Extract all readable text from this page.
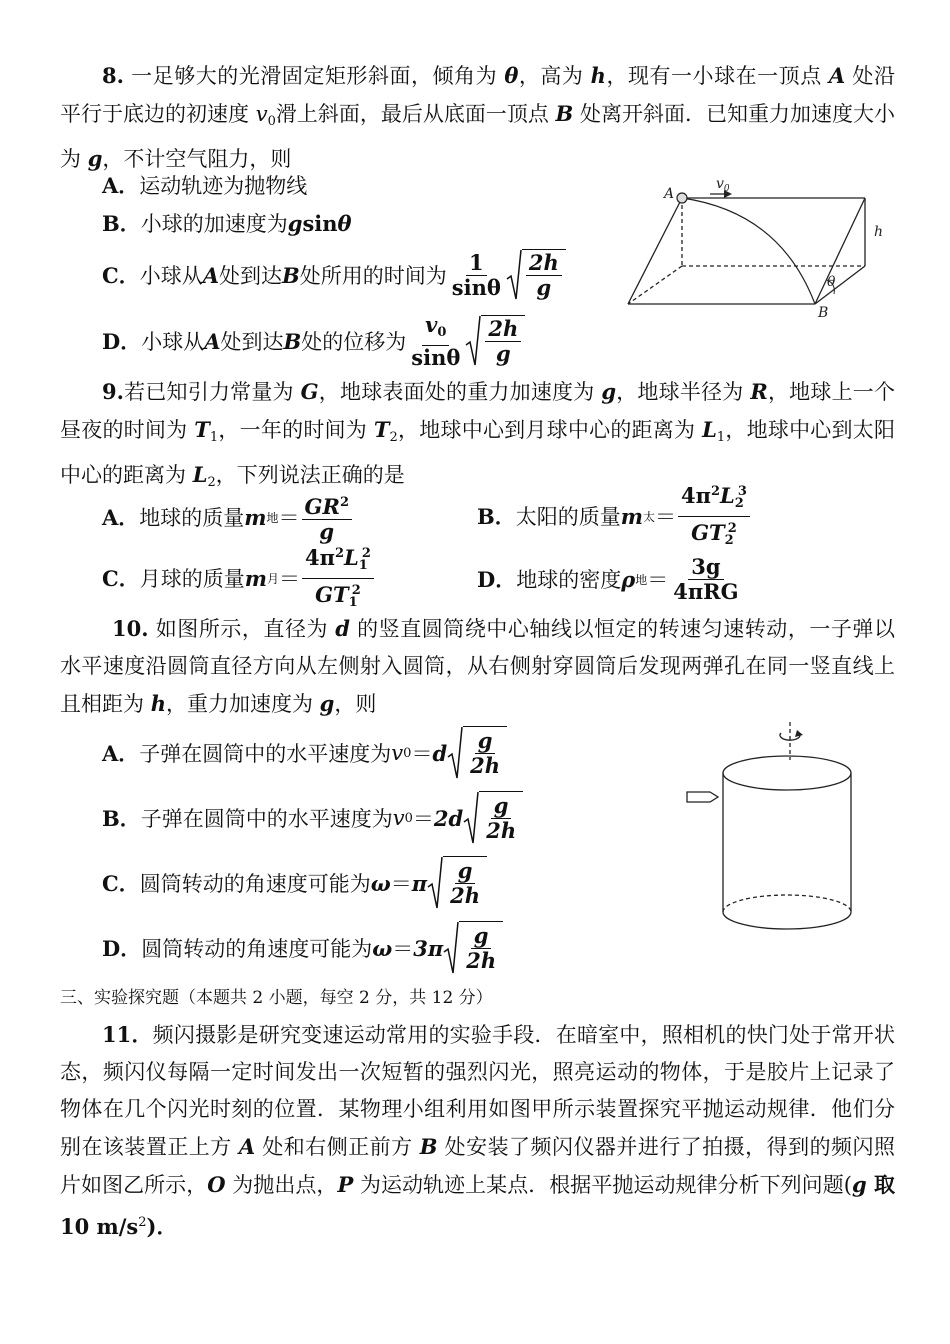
8. 一足够大的光滑固定矩形斜面，倾角为 θ，高为 h，现有一小球在一顶点 A 处沿平行于底边的初速度 $v_0$滑上斜面，最后从底面一顶点 B 处离开斜面．已知重力加速度大小为 g，不计空气阻力，则
A． 运动轨迹为抛物线
B． 小球的加速度为 g sin θ
C． 小球从 A 处到达 B 处所用的时间为 $\frac{1}{\sin\theta} \frac{2h}{g}$
D． 小球从 A 处到达 B 处的位移为 $\frac{v_0}{\sin\theta} \frac{2h}{g}$
A
$v_0$
h
θ
B
9.若已知引力常量为 G，地球表面处的重力加速度为 g，地球半径为 R，地球上一个昼夜的时间为 $T_1$，一年的时间为 $T_2$，地球中心到月球中心的距离为 $L_1$，地球中心到太阳中心的距离为 $L_2$，下列说法正确的是
A． 地球的质量 m 地 ＝ $\frac{GR^2}{g}$	B． 太阳的质量 m 太 ＝ $\frac{4\pi^2L_2^3}{GT_2^2}$
C． 月球的质量 m 月 ＝ $\frac{4\pi^2L_1^2}{GT_1^2}$	D． 地球的密度 ρ 地 ＝ $\frac{3g}{\text{4πRG}}$
10. 如图所示，直径为 d 的竖直圆筒绕中心轴线以恒定的转速匀速转动，一子弹以水平速度沿圆筒直径方向从左侧射入圆筒，从右侧射穿圆筒后发现两弹孔在同一竖直线上且相距为 h，重力加速度为 g，则
A． 子弹在圆筒中的水平速度为 v 0 ＝ d $\frac{g}{2h}$
B． 子弹在圆筒中的水平速度为 v $0 = 2d \frac{g}{2h}$
C． 圆筒转动的角速度可能为 ω ＝ π $\frac{g}{2h}$
D． 圆筒转动的角速度可能为 $\omega = 3\pi \frac{g}{2h}$
三、实验探究题（本题共 2 小题，每空 2 分，共 12 分）
11．频闪摄影是研究变速运动常用的实验手段．在暗室中，照相机的快门处于常开状态，频闪仪每隔一定时间发出一次短暂的强烈闪光，照亮运动的物体，于是胶片上记录了物体在几个闪光时刻的位置．某物理小组利用如图甲所示装置探究平抛运动规律．他们分别在该装置正上方 A 处和右侧正前方 B 处安装了频闪仪器并进行了拍摄，得到的频闪照片如图乙所示，O 为抛出点，P 为运动轨迹上某点．根据平抛运动规律分析下列问题(g 取 10 $m/s^2$)．
